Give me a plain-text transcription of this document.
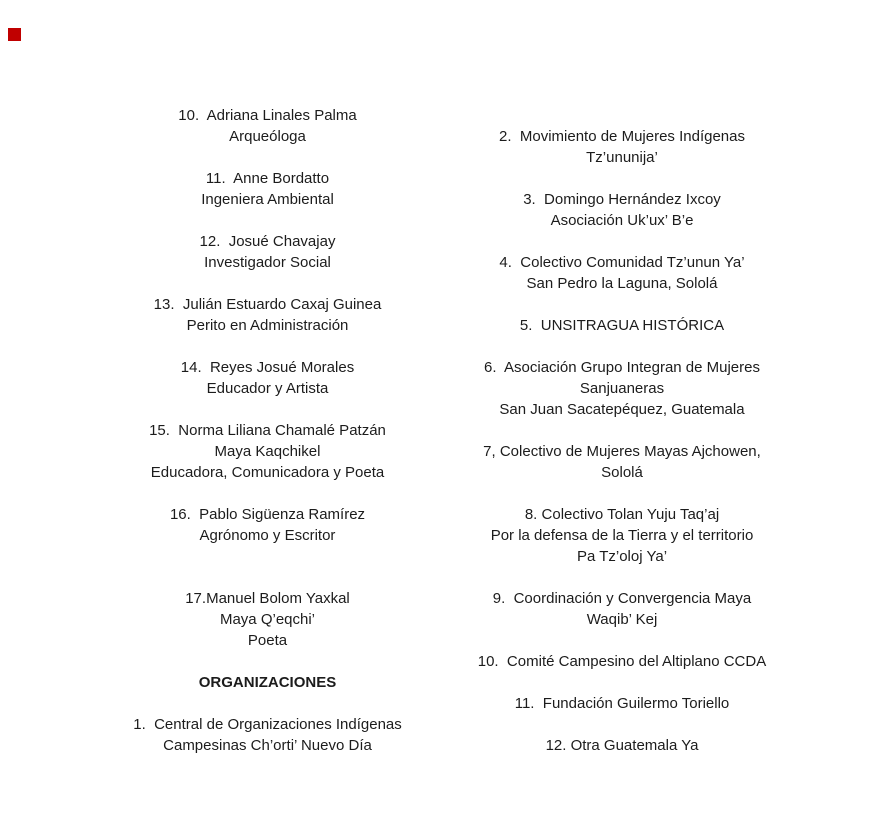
10.  Adriana Linales Palma
Arqueóloga
11.  Anne Bordatto
Ingeniera Ambiental
12.  Josué Chavajay
Investigador Social
13.  Julián Estuardo Caxaj Guinea
Perito en Administración
14.  Reyes Josué Morales
Educador y Artista
15.  Norma Liliana Chamalé Patzán
Maya Kaqchikel
Educadora, Comunicadora y Poeta
16.  Pablo Sigüenza Ramírez
Agrónomo y Escritor
17.Manuel Bolom Yaxkal
Maya Q’eqchi’
Poeta
ORGANIZACIONES
1.  Central de Organizaciones Indígenas
Campesinas Ch’orti’ Nuevo Día
2.  Movimiento de Mujeres Indígenas
Tz’ununija’
3.  Domingo Hernández Ixcoy
Asociación Uk’ux’ B’e
4.  Colectivo Comunidad Tz’unun Ya’
San Pedro la Laguna, Sololá
5.  UNSITRAGUA HISTÓRICA
6.  Asociación Grupo Integran de Mujeres
Sanjuaneras
San Juan Sacatepéquez, Guatemala
7, Colectivo de Mujeres Mayas Ajchowen,
Sololá
8. Colectivo Tolan Yuju Taq’aj
Por la defensa de la Tierra y el territorio
Pa Tz’oloj Ya’
9.  Coordinación y Convergencia Maya
Waqib’ Kej
10.  Comité Campesino del Altiplano CCDA
11.  Fundación Guilermo Toriello
12. Otra Guatemala Ya
